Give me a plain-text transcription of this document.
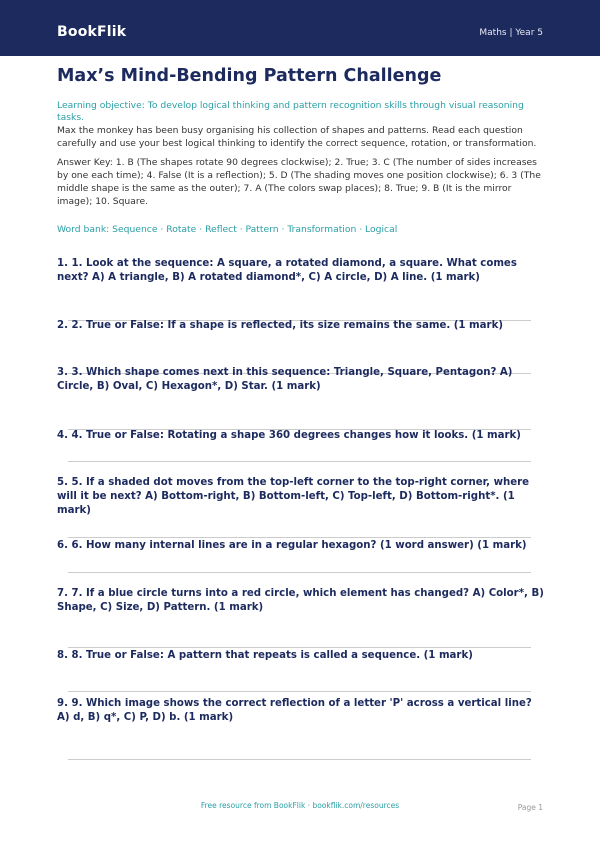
BookFlik	Maths | Year 5
Max’s Mind-Bending Pattern Challenge
Learning objective: To develop logical thinking and pattern recognition skills through visual reasoning tasks.
Max the monkey has been busy organising his collection of shapes and patterns. Read each question carefully and use your best logical thinking to identify the correct sequence, rotation, or transformation.
Answer Key: 1. B (The shapes rotate 90 degrees clockwise); 2. True; 3. C (The number of sides increases by one each time); 4. False (It is a reflection); 5. D (The shading moves one position clockwise); 6. 3 (The middle shape is the same as the outer); 7. A (The colors swap places); 8. True; 9. B (It is the mirror image); 10. Square.
Word bank: Sequence · Rotate · Reflect · Pattern · Transformation · Logical
1. 1. Look at the sequence: A square, a rotated diamond, a square. What comes next? A) A triangle, B) A rotated diamond*, C) A circle, D) A line. (1 mark)
2. 2. True or False: If a shape is reflected, its size remains the same. (1 mark)
3. 3. Which shape comes next in this sequence: Triangle, Square, Pentagon? A) Circle, B) Oval, C) Hexagon*, D) Star. (1 mark)
4. 4. True or False: Rotating a shape 360 degrees changes how it looks. (1 mark)
5. 5. If a shaded dot moves from the top-left corner to the top-right corner, where will it be next? A) Bottom-right, B) Bottom-left, C) Top-left, D) Bottom-right*. (1 mark)
6. 6. How many internal lines are in a regular hexagon? (1 word answer) (1 mark)
7. 7. If a blue circle turns into a red circle, which element has changed? A) Color*, B) Shape, C) Size, D) Pattern. (1 mark)
8. 8. True or False: A pattern that repeats is called a sequence. (1 mark)
9. 9. Which image shows the correct reflection of a letter 'P' across a vertical line? A) d, B) q*, C) P, D) b. (1 mark)
Free resource from BookFlik · bookflik.com/resources	Page 1
